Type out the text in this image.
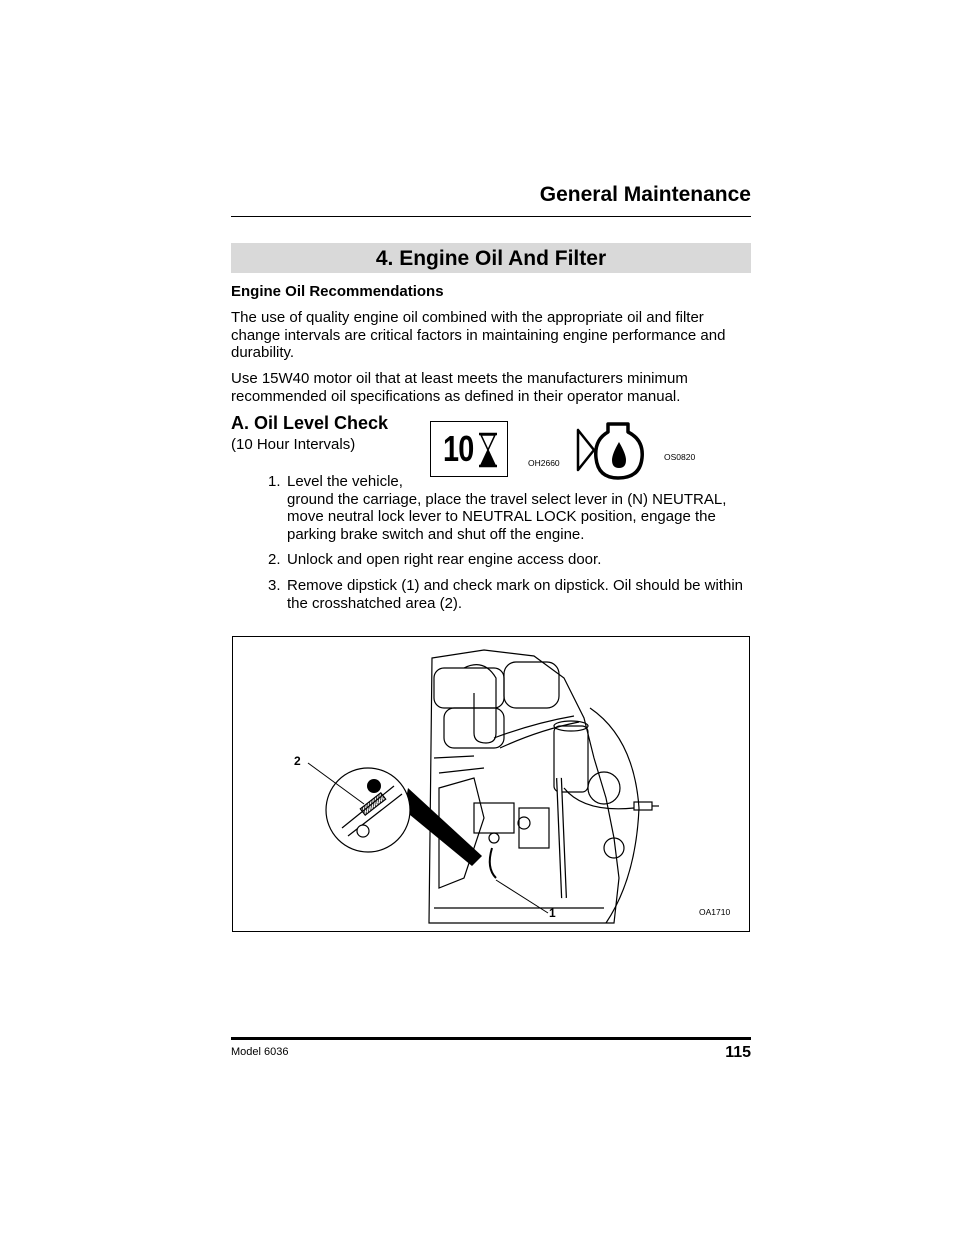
General Maintenance
4. Engine Oil And Filter
Engine Oil Recommendations
The use of quality engine oil combined with the appropriate oil and filter change intervals are critical factors in maintaining engine performance and durability.
Use 15W40 motor oil that at least meets the manufacturers minimum recommended oil specifications as defined in their operator manual.
A. Oil Level Check
(10 Hour Intervals) 10	OH2660
OS0820
1. Level the vehicle,
ground the carriage, place the travel select lever in (N) NEUTRAL, move neutral lock lever to NEUTRAL LOCK position, engage the parking brake switch and shut off the engine.
2. Unlock and open right rear engine access door.
3. Remove dipstick (1) and check mark on dipstick. Oil should be within the crosshatched area (2).
2
1	OA1710
Model 6036	115
